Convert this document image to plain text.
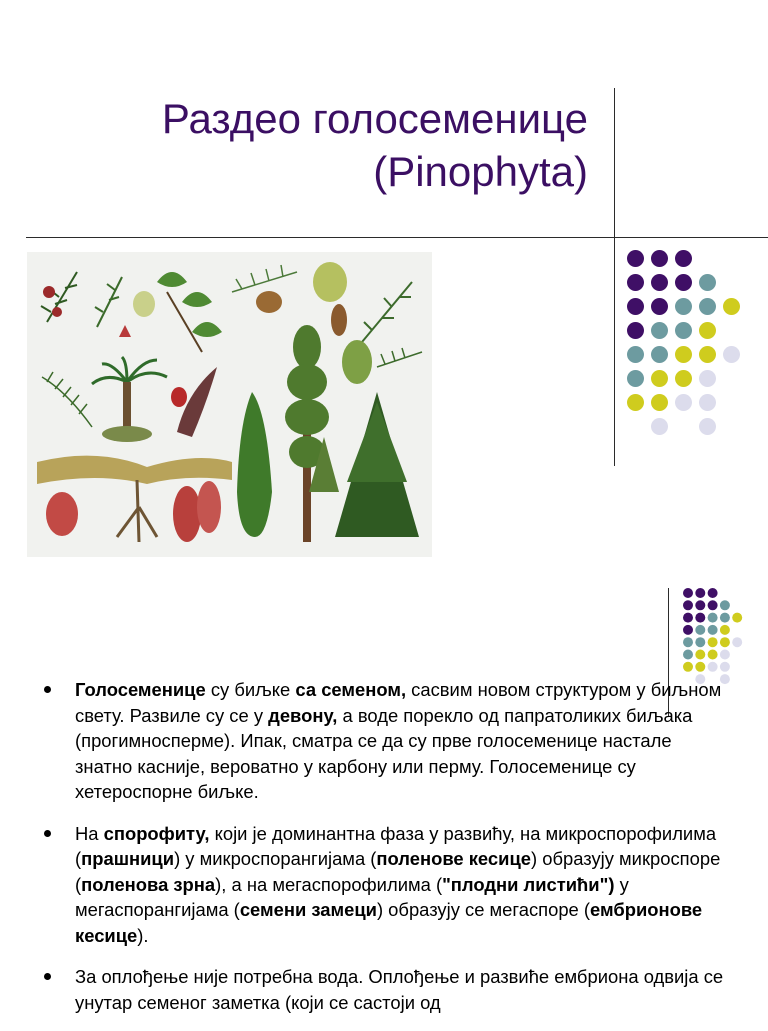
Раздео голосеменице
(Pinophyta)

Голосеменице су биљке са семеном, сасвим новом структуром у биљном свету. Развиле су се у девону, а воде порекло од папратоликих биљака (прогимносперме). Ипак, сматра се да су прве голосеменице настале знатно касније, вероватно у карбону или перму. Голосеменице су хетероспорне биљке.

На спорофиту, који је доминантна фаза у развићу, на микроспорофилима (прашници) у микроспорангијама (поленове кесице) образују микроспоре (поленова зрна), а на мегаспорофилима ("плодни листићи") у мегаспорангијама (семени замеци) образују се мегаспоре (ембрионове кесице).

За оплођење није потребна вода. Оплођење и развиће ембриона одвија се унутар семеног заметка (који се састоји од
